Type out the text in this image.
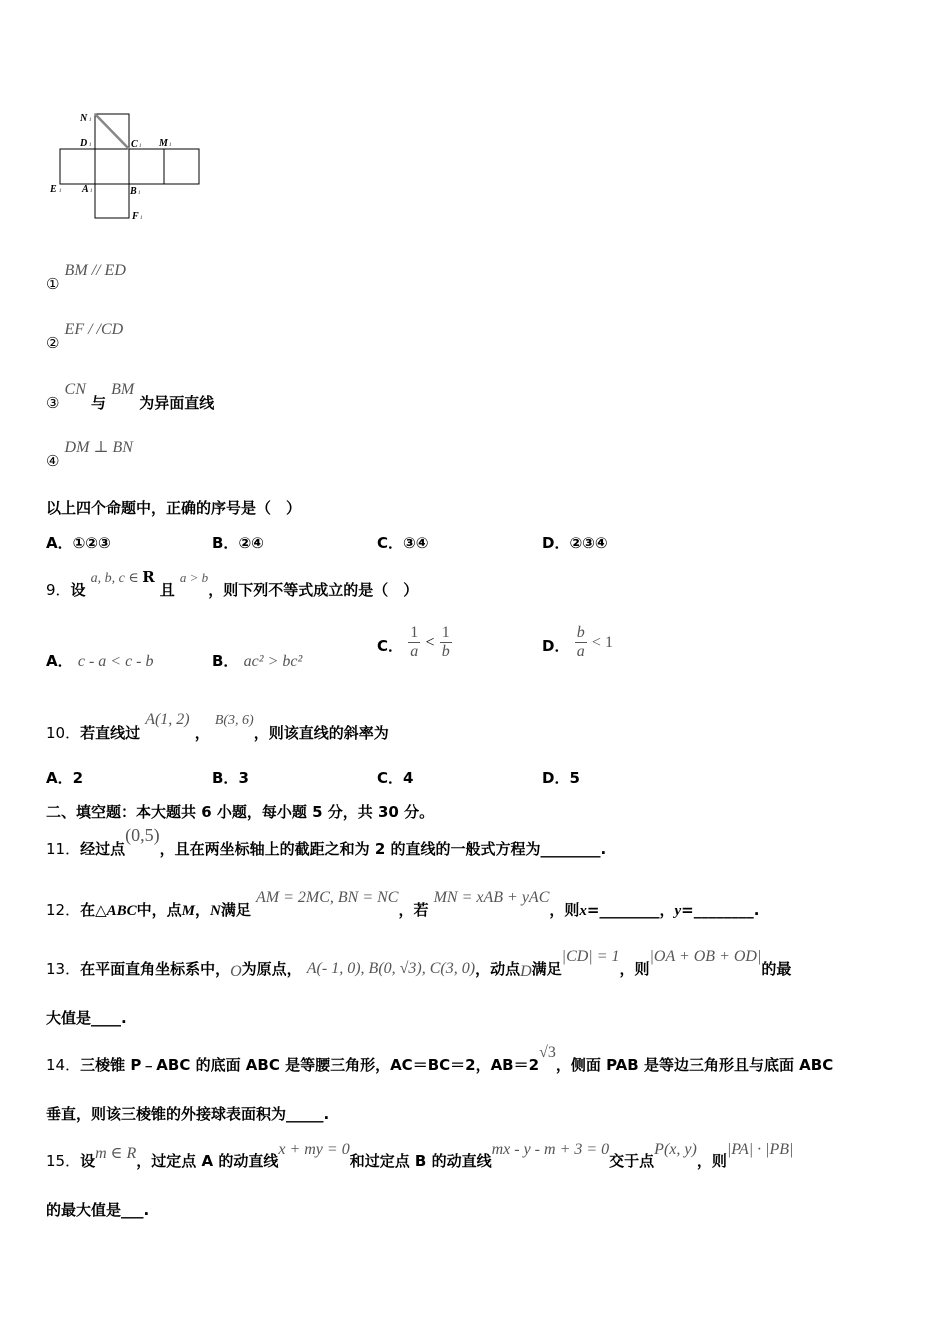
N
D	C M
E	A	B
F
1
1	1	1
1	1	1
1
① BM // ED
② EF / /CD
③ CN 与 BM 为异面直线
④ DM ⊥ BN
以上四个命题中，正确的序号是（　）
A．①②③	B．②④	C．③④	D．②③④
9．设 a, b, c ∈ R 且 a > b，则下列不等式成立的是（　）
A． c - a < c - b	B． ac² > bc²
C． $\frac{1}{a} < \frac{1}{b}$	D． $\frac{b}{a} < 1$
10．若直线过 A(1, 2) ， B(3, 6)，则该直线的斜率为
A．2	B．3	C．4	D．5
二、填空题：本大题共 6 小题，每小题 5 分，共 30 分。
11．经过点(0,5)，且在两坐标轴上的截距之和为 2 的直线的一般式方程为________.
12．在△ABC中，点M，N满足 AM = 2MC, BN = NC，若 MN = xAB + yAC，则x=________，y=________.
13．在平面直角坐标系中，O为原点， A(- 1, 0), B(0, √3), C(3, 0)，动点D满足|CD| = 1，则|OA + OB + OD|的最
大值是____.
14．三棱锥 P﹣ABC 的底面 ABC 是等腰三角形，AC＝BC＝2，AB＝2√3，侧面 PAB 是等边三角形且与底面 ABC
垂直，则该三棱锥的外接球表面积为_____.
15．设m ∈ R，过定点 A 的动直线x + my = 0和过定点 B 的动直线mx - y - m + 3 = 0交于点P(x, y)，则|PA| · |PB|
的最大值是___.
